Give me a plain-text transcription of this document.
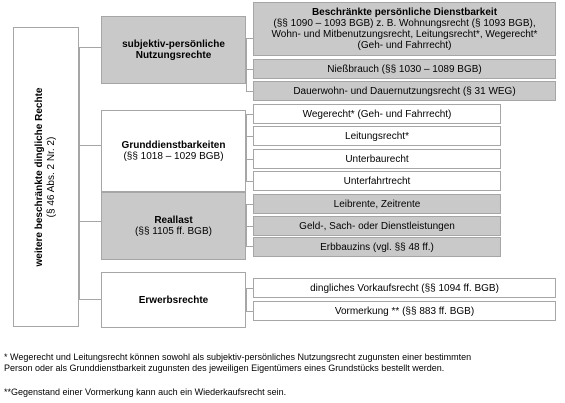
weitere beschränkte dingliche Rechte (§ 46 Abs. 2 Nr. 2)
subjektiv-persönliche Nutzungsrechte
Grunddienstbarkeiten
(§§ 1018 – 1029 BGB)
Reallast
(§§ 1105 ff. BGB)
Erwerbsrechte
Beschränkte persönliche Dienstbarkeit
(§§ 1090 – 1093 BGB) z. B. Wohnungsrecht (§ 1093 BGB), Wohn- und Mitbenutzungsrecht, Leitungsrecht*, Wegerecht* (Geh- und Fahrrecht)
Nießbrauch (§§ 1030 – 1089 BGB)
Dauerwohn- und Dauernutzungsrecht (§ 31 WEG)
Wegerecht* (Geh- und Fahrrecht)
Leitungsrecht*
Unterbaurecht
Unterfahrtrecht
Leibrente, Zeitrente
Geld-, Sach- oder Dienstleistungen
Erbbauzins (vgl. §§ 48 ff.)
dingliches Vorkaufsrecht (§§ 1094 ff. BGB)
Vormerkung ** (§§ 883 ff. BGB)
* Wegerecht und Leitungsrecht können sowohl als subjektiv-persönliches Nutzungsrecht zugunsten einer bestimmten
Person oder als Grunddienstbarkeit zugunsten des jeweiligen Eigentümers eines Grundstücks bestellt werden.
**Gegenstand einer Vormerkung kann auch ein Wiederkaufsrecht sein.
